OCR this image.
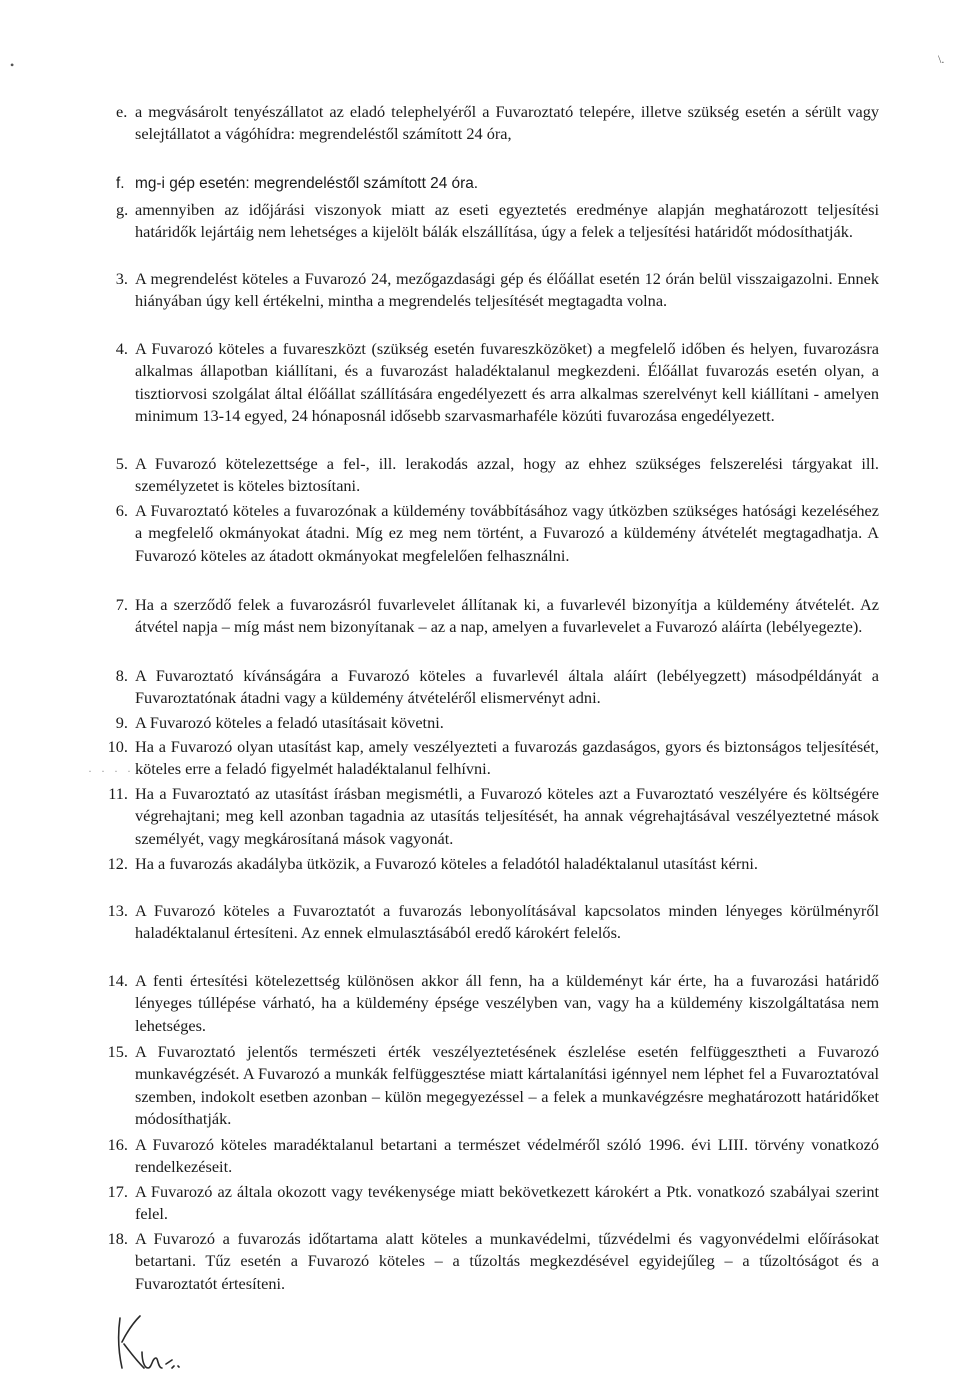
•	\.
e. a megvásárolt tenyészállatot az eladó telephelyéről a Fuvaroztató telepére, illetve szükség esetén a sérült vagy selejtállatot a vágóhídra: megrendeléstől számított 24 óra,
f. mg-i gép esetén: megrendeléstől számított 24 óra.
g. amennyiben az időjárási viszonyok miatt az eseti egyeztetés eredménye alapján meghatározott teljesítési határidők lejártáig nem lehetséges a kijelölt bálák elszállítása, úgy a felek a teljesítési határidőt módosíthatják.
3. A megrendelést köteles a Fuvarozó 24, mezőgazdasági gép és élőállat esetén 12 órán belül visszaigazolni. Ennek hiányában úgy kell értékelni, mintha a megrendelés teljesítését megtagadta volna.
4. A Fuvarozó köteles a fuvareszközt (szükség esetén fuvareszközöket) a megfelelő időben és helyen, fuvarozásra alkalmas állapotban kiállítani, és a fuvarozást haladéktalanul megkezdeni. Élőállat fuvarozás esetén olyan, a tisztiorvosi szolgálat által élőállat szállítására engedélyezett és arra alkalmas szerelvényt kell kiállítani - amelyen minimum 13-14 egyed, 24 hónaposnál idősebb szarvasmarhaféle közúti fuvarozása engedélyezett.
5. A Fuvarozó kötelezettsége a fel-, ill. lerakodás azzal, hogy az ehhez szükséges felszerelési tárgyakat ill. személyzetet is köteles biztosítani.
6. A Fuvaroztató köteles a fuvarozónak a küldemény továbbításához vagy útközben szükséges hatósági kezeléséhez a megfelelő okmányokat átadni. Míg ez meg nem történt, a Fuvarozó a küldemény átvételét megtagadhatja. A Fuvarozó köteles az átadott okmányokat megfelelően felhasználni.
7. Ha a szerződő felek a fuvarozásról fuvarlevelet állítanak ki, a fuvarlevél bizonyítja a küldemény átvételét. Az átvétel napja – míg mást nem bizonyítanak – az a nap, amelyen a fuvarlevelet a Fuvarozó aláírta (lebélyegezte).
8. A Fuvaroztató kívánságára a Fuvarozó köteles a fuvarlevél általa aláírt (lebélyegzett) másodpéldányát a Fuvaroztatónak átadni vagy a küldemény átvételéről elismervényt adni.
9. A Fuvarozó köteles a feladó utasításait követni.
· · · · ·
10. Ha a Fuvarozó olyan utasítást kap, amely veszélyezteti a fuvarozás gazdaságos, gyors és biztonságos teljesítését, köteles erre a feladó figyelmét haladéktalanul felhívni.
11. Ha a Fuvaroztató az utasítást írásban megismétli, a Fuvarozó köteles azt a Fuvaroztató veszélyére és költségére végrehajtani; meg kell azonban tagadnia az utasítás teljesítését, ha annak végrehajtásával veszélyeztetné mások személyét, vagy megkárosítaná mások vagyonát.
12. Ha a fuvarozás akadályba ütközik, a Fuvarozó köteles a feladótól haladéktalanul utasítást kérni.
13. A Fuvarozó köteles a Fuvaroztatót a fuvarozás lebonyolításával kapcsolatos minden lényeges körülményről haladéktalanul értesíteni. Az ennek elmulasztásából eredő károkért felelős.
14. A fenti értesítési kötelezettség különösen akkor áll fenn, ha a küldeményt kár érte, ha a fuvarozási határidő lényeges túllépése várható, ha a küldemény épsége veszélyben van, vagy ha a küldemény kiszolgáltatása nem lehetséges.
15. A Fuvaroztató jelentős természeti érték veszélyeztetésének észlelése esetén felfüggesztheti a Fuvarozó munkavégzését. A Fuvarozó a munkák felfüggesztése miatt kártalanítási igénnyel nem léphet fel a Fuvaroztatóval szemben, indokolt esetben azonban – külön megegyezéssel – a felek a munkavégzésre meghatározott határidőket módosíthatják.
16. A Fuvarozó köteles maradéktalanul betartani a természet védelméről szóló 1996. évi LIII. törvény vonatkozó rendelkezéseit.
17. A Fuvarozó az általa okozott vagy tevékenysége miatt bekövetkezett károkért a Ptk. vonatkozó szabályai szerint felel.
18. A Fuvarozó a fuvarozás időtartama alatt köteles a munkavédelmi, tűzvédelmi és vagyonvédelmi előírásokat betartani. Tűz esetén a Fuvarozó köteles – a tűzoltás megkezdésével egyidejűleg – a tűzoltóságot és a Fuvaroztatót értesíteni.
